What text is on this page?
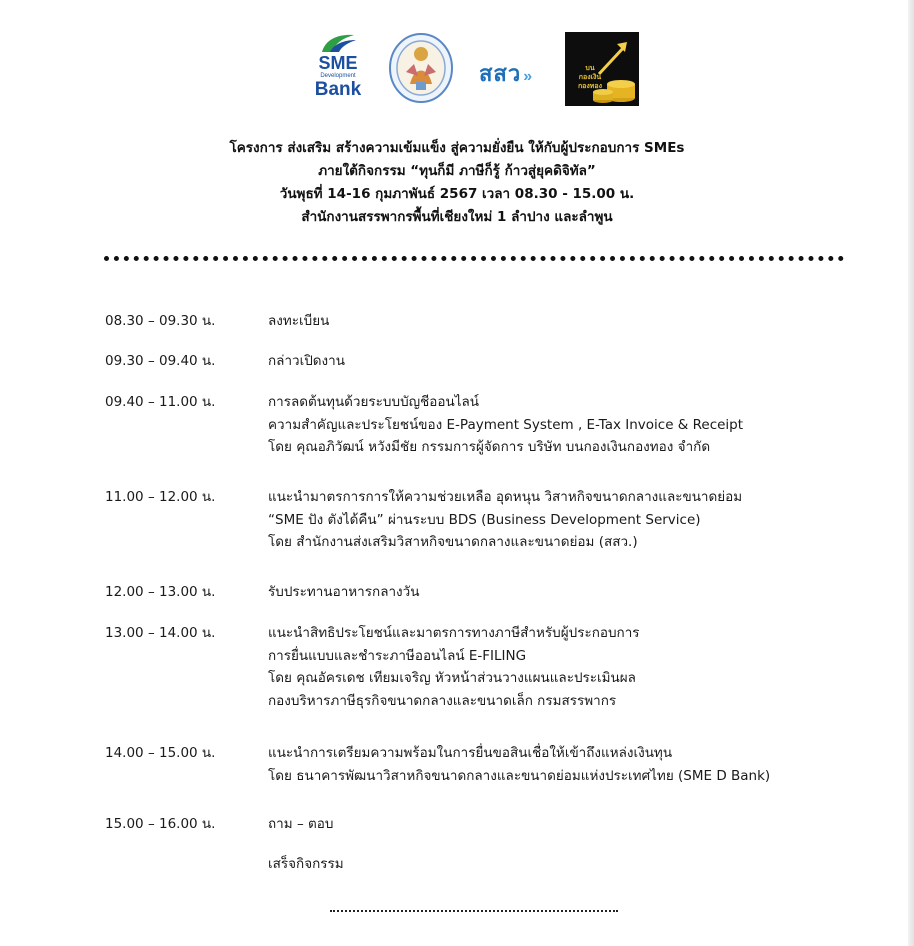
SME
Development
Bank
สสว »	บน
กองเงิน
กองทอง
โครงการ ส่งเสริม สร้างความเข้มแข็ง สู่ความยั่งยืน ให้กับผู้ประกอบการ SMEs
ภายใต้กิจกรรม “ทุนก็มี ภาษีก็รู้ ก้าวสู่ยุคดิจิทัล”
วันพุธที่ 14-16 กุมภาพันธ์ 2567 เวลา 08.30 - 15.00 น.
สำนักงานสรรพากรพื้นที่เชียงใหม่ 1 ลำปาง และลำพูน
08.30 – 09.30 น.	ลงทะเบียน
09.30 – 09.40 น.	กล่าวเปิดงาน
09.40 – 11.00 น.	การลดต้นทุนด้วยระบบบัญชีออนไลน์
ความสำคัญและประโยชน์ของ E-Payment System , E-Tax Invoice & Receipt
โดย คุณอภิวัฒน์ หวังมีชัย กรรมการผู้จัดการ บริษัท บนกองเงินกองทอง จำกัด
11.00 – 12.00 น.	แนะนำมาตรการการให้ความช่วยเหลือ อุดหนุน วิสาหกิจขนาดกลางและขนาดย่อม
“SME ปัง ตังได้คืน” ผ่านระบบ BDS (Business Development Service)
โดย สำนักงานส่งเสริมวิสาหกิจขนาดกลางและขนาดย่อม (สสว.)
12.00 – 13.00 น.	รับประทานอาหารกลางวัน
13.00 – 14.00 น.	แนะนำสิทธิประโยชน์และมาตรการทางภาษีสำหรับผู้ประกอบการ
การยื่นแบบและชำระภาษีออนไลน์ E-FILING
โดย คุณอัครเดช เทียมเจริญ หัวหน้าส่วนวางแผนและประเมินผล
กองบริหารภาษีธุรกิจขนาดกลางและขนาดเล็ก กรมสรรพากร
14.00 – 15.00 น.	แนะนำการเตรียมความพร้อมในการยื่นขอสินเชื่อให้เข้าถึงแหล่งเงินทุน
โดย ธนาคารพัฒนาวิสาหกิจขนาดกลางและขนาดย่อมแห่งประเทศไทย (SME D Bank)
15.00 – 16.00 น.	ถาม – ตอบ
เสร็จกิจกรรม
